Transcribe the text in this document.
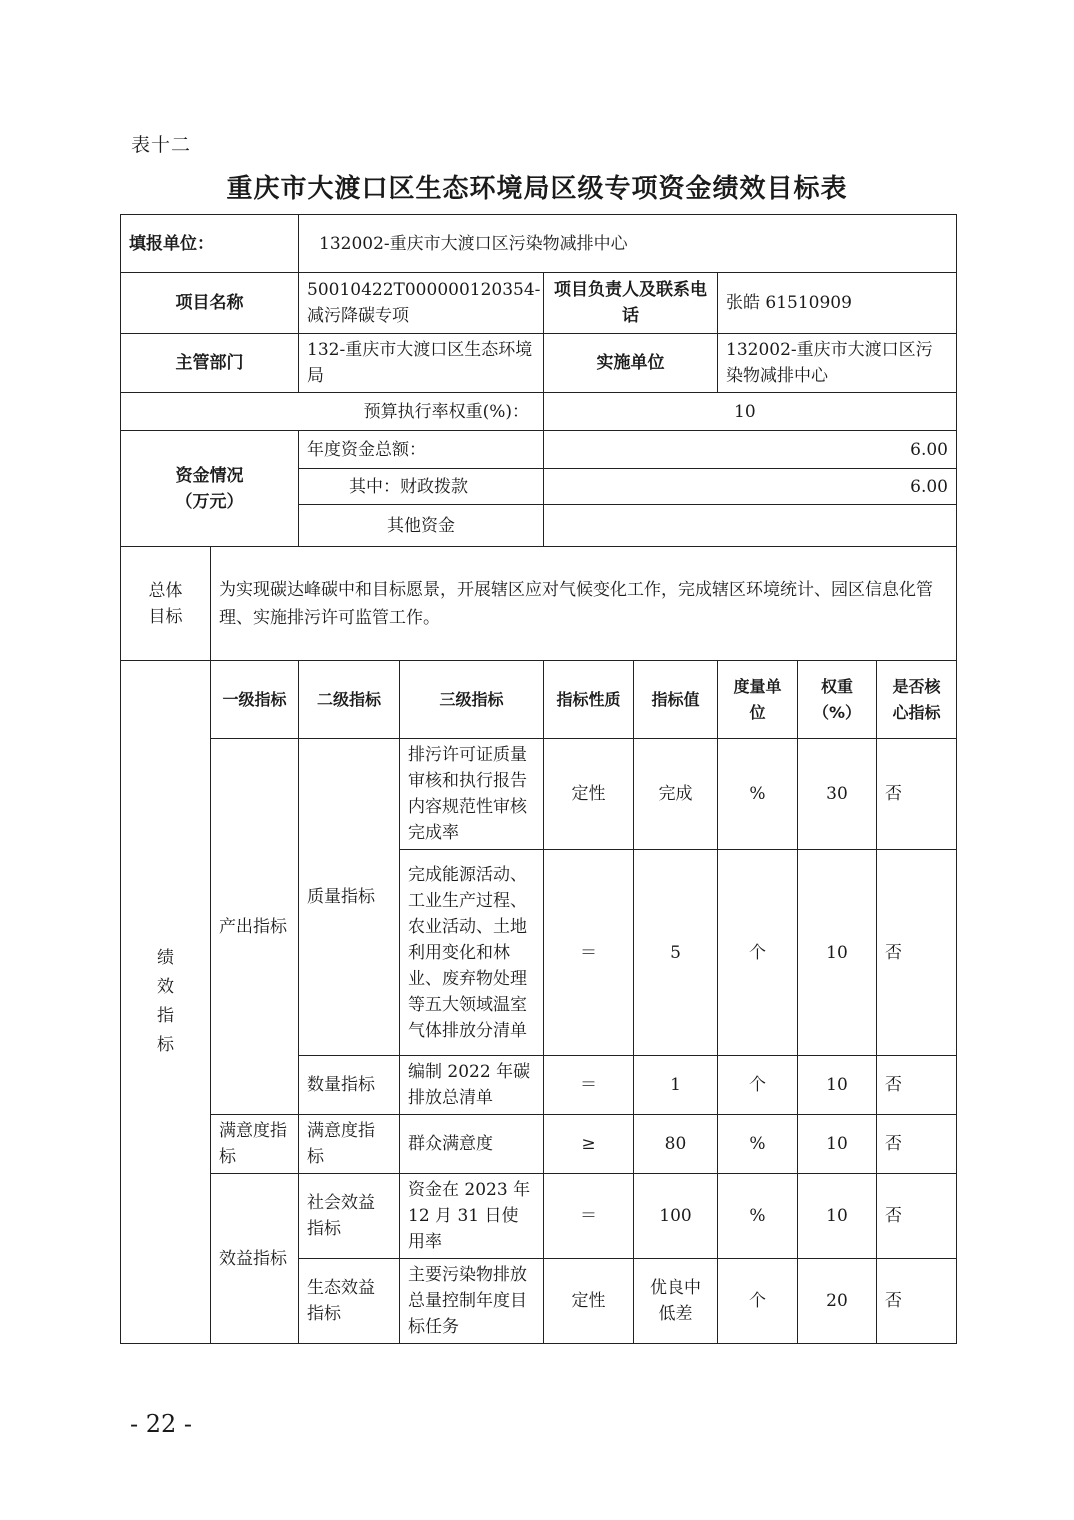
表十二
重庆市大渡口区生态环境局区级专项资金绩效目标表
填报单位：		132002-重庆市大渡口区污染物减排中心						
项目名称		50010422T000000120354-减污降碳专项		项目负责人及联系电话		张皓 61510909		
主管部门		132-重庆市大渡口区生态环境局		实施单位		132002-重庆市大渡口区污染物减排中心		
预算执行率权重(%)：				10				

资金情况
（万元）		年度资金总额：		6.00				
		其中：财政拨款		6.00				
		其他资金						

总体
目标	为实现碳达峰碳中和目标愿景，开展辖区应对气候变化工作，完成辖区环境统计、园区信息化管理、实施排污许可监管工作。							

绩
效
指
标	一级指标	二级指标	三级指标	指标性质	指标值	度量单位	权重（%）	是否核心指标
	产出指标	质量指标	排污许可证质量审核和执行报告内容规范性审核完成率	定性	完成	%	30	否
			完成能源活动、工业生产过程、农业活动、土地利用变化和林业、废弃物处理等五大领域温室气体排放分清单	＝	5	个	10	否
		数量指标	编制 2022 年碳排放总清单	＝	1	个	10	否
	满意度指标	满意度指标	群众满意度	≥	80	%	10	否
	效益指标	社会效益指标	资金在 2023 年 12 月 31 日使用率	＝	100	%	10	否
		生态效益指标	主要污染物排放总量控制年度目标任务	定性	优良中低差	个	20	否
- 22 -
